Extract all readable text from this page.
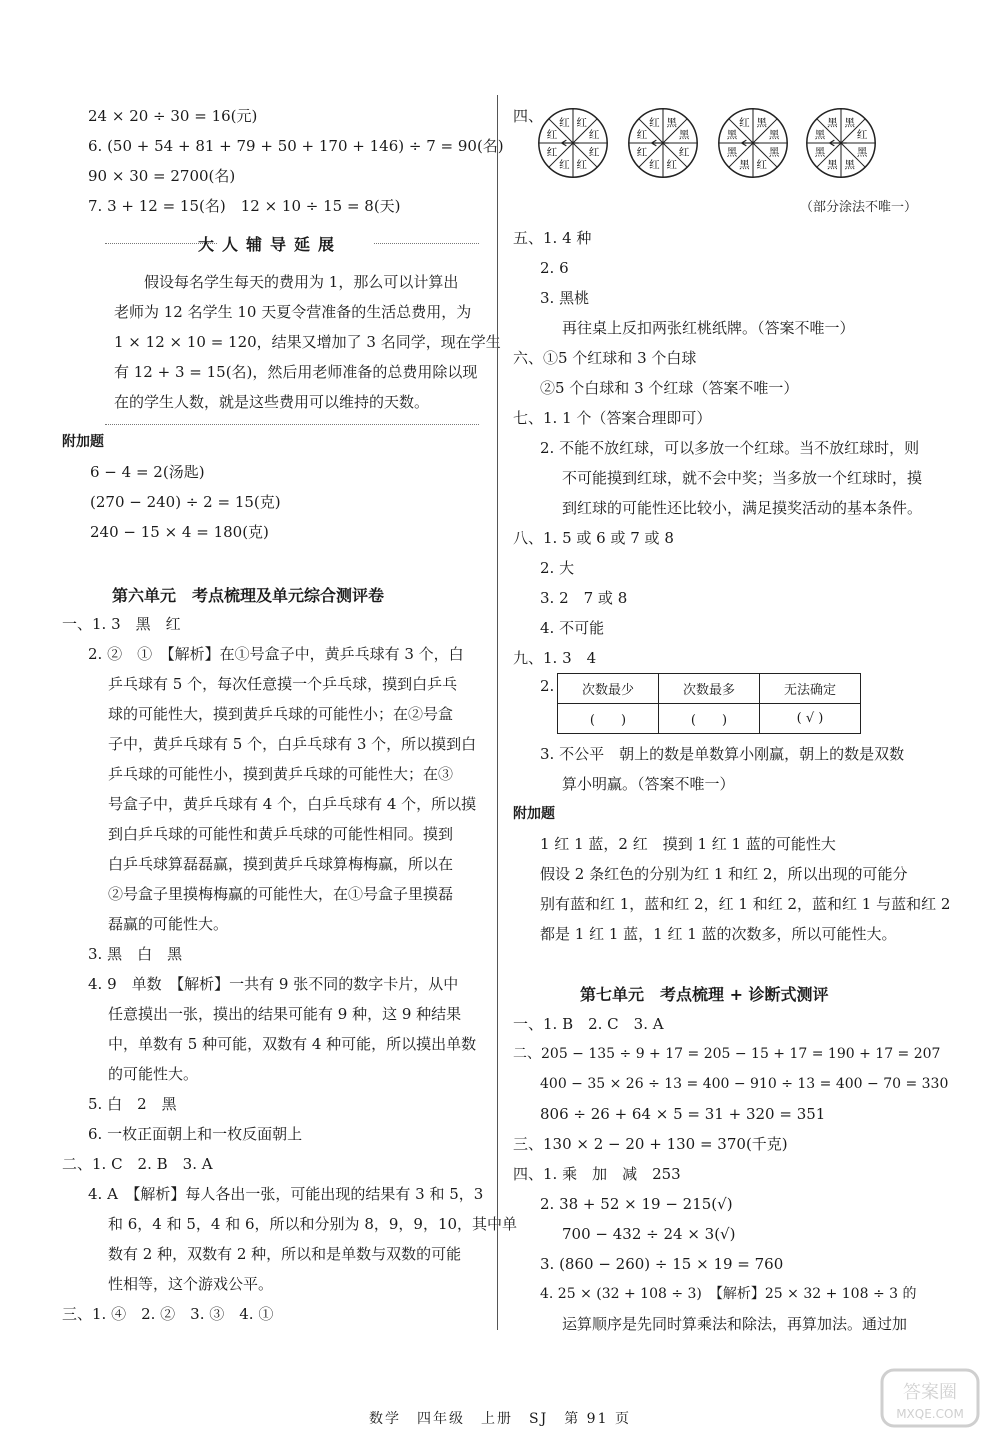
24 × 20 ÷ 30 = 16(元)
6. (50 + 54 + 81 + 79 + 50 + 170 + 146) ÷ 7 = 90(名)
90 × 30 = 2700(名)
7. 3 + 12 = 15(名)　12 × 10 ÷ 15 = 8(天)
大人辅导延展
假设每名学生每天的费用为 1，那么可以计算出
老师为 12 名学生 10 天夏令营准备的生活总费用，为
1 × 12 × 10 = 120，结果又增加了 3 名同学，现在学生
有 12 + 3 = 15(名)，然后用老师准备的总费用除以现
在的学生人数，就是这些费用可以维持的天数。
附加题
6 − 4 = 2(汤匙)
(270 − 240) ÷ 2 = 15(克)
240 − 15 × 4 = 180(克)
第六单元　考点梳理及单元综合测评卷
一、1. 3　黑　红
2. ②　①　【解析】在①号盒子中，黄乒乓球有 3 个，白
乒乓球有 5 个，每次任意摸一个乒乓球，摸到白乒乓
球的可能性大，摸到黄乒乓球的可能性小；在②号盒
子中，黄乒乓球有 5 个，白乒乓球有 3 个，所以摸到白
乒乓球的可能性小，摸到黄乒乓球的可能性大；在③
号盒子中，黄乒乓球有 4 个，白乒乓球有 4 个，所以摸
到白乒乓球的可能性和黄乒乓球的可能性相同。摸到
白乒乓球算磊磊赢，摸到黄乒乓球算梅梅赢，所以在
②号盒子里摸梅梅赢的可能性大，在①号盒子里摸磊
磊赢的可能性大。
3. 黑　白　黑
4. 9　单数　【解析】一共有 9 张不同的数字卡片，从中
任意摸出一张，摸出的结果可能有 9 种，这 9 种结果
中，单数有 5 种可能，双数有 4 种可能，所以摸出单数
的可能性大。
5. 白　2　黑
6. 一枚正面朝上和一枚反面朝上
二、1. C　2. B　3. A
4. A　【解析】每人各出一张，可能出现的结果有 3 和 5，3
和 6，4 和 5，4 和 6，所以和分别为 8，9，9，10，其中单
数有 2 种，双数有 2 种，所以和是单数与双数的可能
性相等，这个游戏公平。
三、1. ④　2. ②　3. ③　4. ①
四、	红
红
红
红
红
红
红
红	黑
黑
红
红
红
红
红
红	黑
黑
黑
红
黑
黑
黑
红	黑
红
黑
黑
黑
黑
黑
黑
（部分涂法不唯一）
五、1. 4 种
2. 6
3. 黑桃
再往桌上反扣两张红桃纸牌。（答案不唯一）
六、①5 个红球和 3 个白球
②5 个白球和 3 个红球（答案不唯一）
七、1. 1 个（答案合理即可）
2. 不能不放红球，可以多放一个红球。当不放红球时，则
不可能摸到红球，就不会中奖；当多放一个红球时，摸
到红球的可能性还比较小，满足摸奖活动的基本条件。
八、1. 5 或 6 或 7 或 8
2. 大
3. 2　7 或 8
4. 不可能
九、1. 3　4
2. 次数最少	次数最多	无法确定
(　　)	(　　)	( √ )
3. 不公平　朝上的数是单数算小刚赢，朝上的数是双数
算小明赢。（答案不唯一）
附加题
1 红 1 蓝，2 红　摸到 1 红 1 蓝的可能性大
假设 2 条红色的分别为红 1 和红 2，所以出现的可能分
别有蓝和红 1，蓝和红 2，红 1 和红 2，蓝和红 1 与蓝和红 2
都是 1 红 1 蓝，1 红 1 蓝的次数多，所以可能性大。
第七单元　考点梳理 + 诊断式测评
一、1. B　2. C　3. A
二、205 − 135 ÷ 9 + 17 = 205 − 15 + 17 = 190 + 17 = 207
400 − 35 × 26 ÷ 13 = 400 − 910 ÷ 13 = 400 − 70 = 330
806 ÷ 26 + 64 × 5 = 31 + 320 = 351
三、130 × 2 − 20 + 130 = 370(千克)
四、1. 乘　加　减　253
2. 38 + 52 × 19 − 215(√)
700 − 432 ÷ 24 × 3(√)
3. (860 − 260) ÷ 15 × 19 = 760
4. 25 × (32 + 108 ÷ 3)　【解析】25 × 32 + 108 ÷ 3 的
运算顺序是先同时算乘法和除法，再算加法。通过加
数学　四年级　上册　SJ　第 91 页
答案圈
MXQE.COM
